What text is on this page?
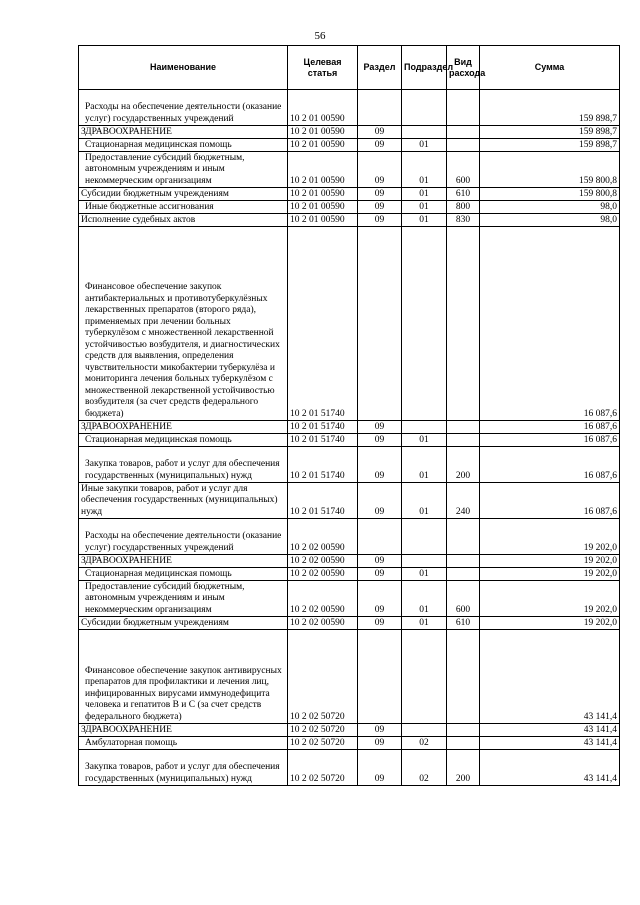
56
Наименование	Целевая статья	Раздел	Подраздел	Вид расхода	Сумма
Расходы на обеспечение деятельности (оказание услуг) государственных учреждений	10 2 01 00590				159 898,7
ЗДРАВООХРАНЕНИЕ	10 2 01 00590	09			159 898,7
Стационарная медицинская помощь	10 2 01 00590	09	01		159 898,7
Предоставление субсидий бюджетным, автономным учреждениям и иным некоммерческим организациям	10 2 01 00590	09	01	600	159 800,8
Субсидии бюджетным учреждениям	10 2 01 00590	09	01	610	159 800,8
Иные бюджетные ассигнования	10 2 01 00590	09	01	800	98,0
Исполнение судебных актов	10 2 01 00590	09	01	830	98,0
Финансовое обеспечение закупок антибактериальных и противотуберкулёзных лекарственных препаратов (второго ряда), применяемых при лечении больных туберкулёзом с множественной лекарственной устойчивостью возбудителя, и диагностических средств для выявления, определения чувствительности микобактерии туберкулёза и мониторинга лечения больных туберкулёзом с множественной лекарственной устойчивостью возбудителя (за счет средств федерального бюджета)	10 2 01 51740				16 087,6
ЗДРАВООХРАНЕНИЕ	10 2 01 51740	09			16 087,6
Стационарная медицинская помощь	10 2 01 51740	09	01		16 087,6
Закупка товаров, работ и услуг для обеспечения государственных (муниципальных) нужд	10 2 01 51740	09	01	200	16 087,6
Иные закупки товаров, работ и услуг для обеспечения государственных (муниципальных) нужд	10 2 01 51740	09	01	240	16 087,6
Расходы на обеспечение деятельности (оказание услуг) государственных учреждений	10 2 02 00590				19 202,0
ЗДРАВООХРАНЕНИЕ	10 2 02 00590	09			19 202,0
Стационарная медицинская помощь	10 2 02 00590	09	01		19 202,0
Предоставление субсидий бюджетным, автономным учреждениям и иным некоммерческим организациям	10 2 02 00590	09	01	600	19 202,0
Субсидии бюджетным учреждениям	10 2 02 00590	09	01	610	19 202,0
Финансовое обеспечение закупок антивирусных препаратов для профилактики и лечения лиц, инфицированных вирусами иммунодефицита человека и гепатитов В и С (за счет средств федерального бюджета)	10 2 02 50720				43 141,4
ЗДРАВООХРАНЕНИЕ	10 2 02 50720	09			43 141,4
Амбулаторная помощь	10 2 02 50720	09	02		43 141,4
Закупка товаров, работ и услуг для обеспечения государственных (муниципальных) нужд	10 2 02 50720	09	02	200	43 141,4
